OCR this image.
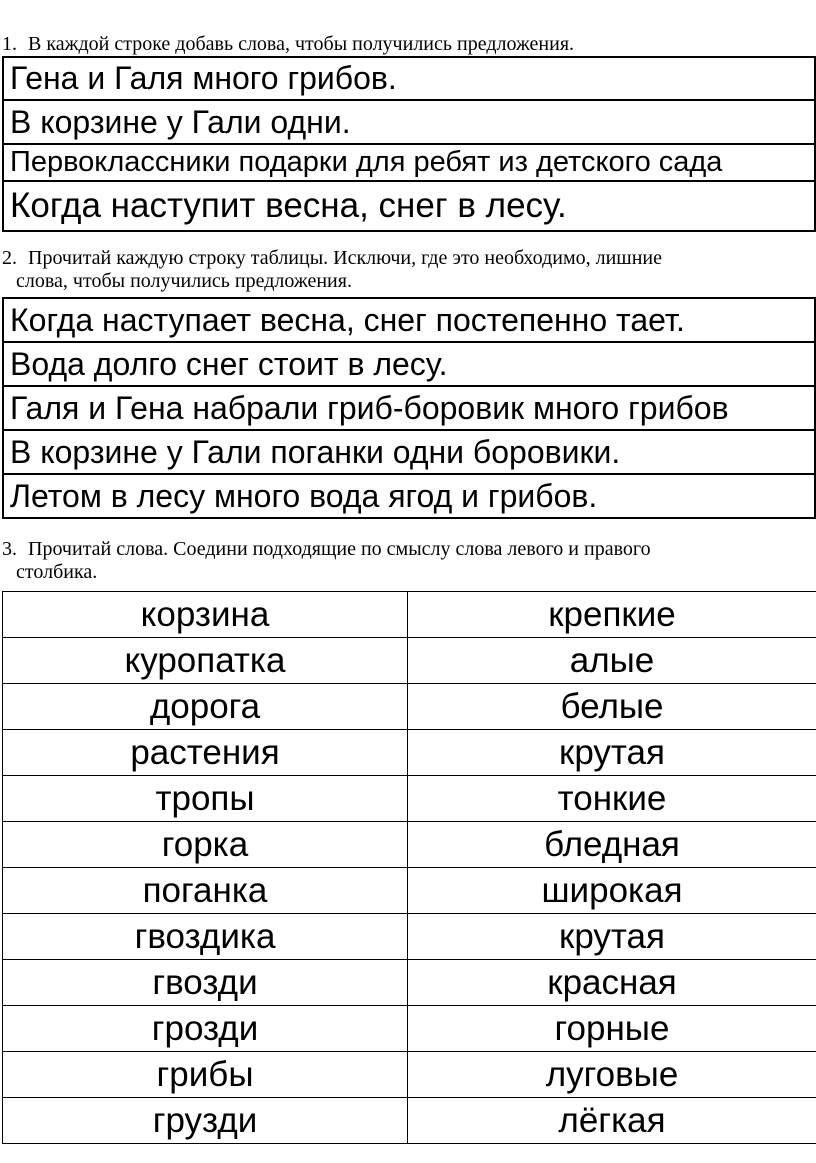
1. В каждой строке добавь слова, чтобы получились предложения.
Гена и Галя много грибов.
В корзине у Гали одни.
Первоклассники подарки для ребят из детского сада
Когда наступит весна, снег в лесу.
2. Прочитай каждую строку таблицы. Исключи, где это необходимо, лишние
слова, чтобы получились предложения.
Когда наступает весна, снег постепенно тает.
Вода долго снег стоит в лесу.
Галя и Гена набрали гриб-боровик много грибов
В корзине у Гали поганки одни боровики.
Летом в лесу много вода ягод и грибов.
3. Прочитай слова. Соедини подходящие по смыслу слова левого и правого
столбика.
корзина	крепкие
куропатка	алые
дорога	белые
растения	крутая
тропы	тонкие
горка	бледная
поганка	широкая
гвоздика	крутая
гвозди	красная
грозди	горные
грибы	луговые
грузди	лёгкая
